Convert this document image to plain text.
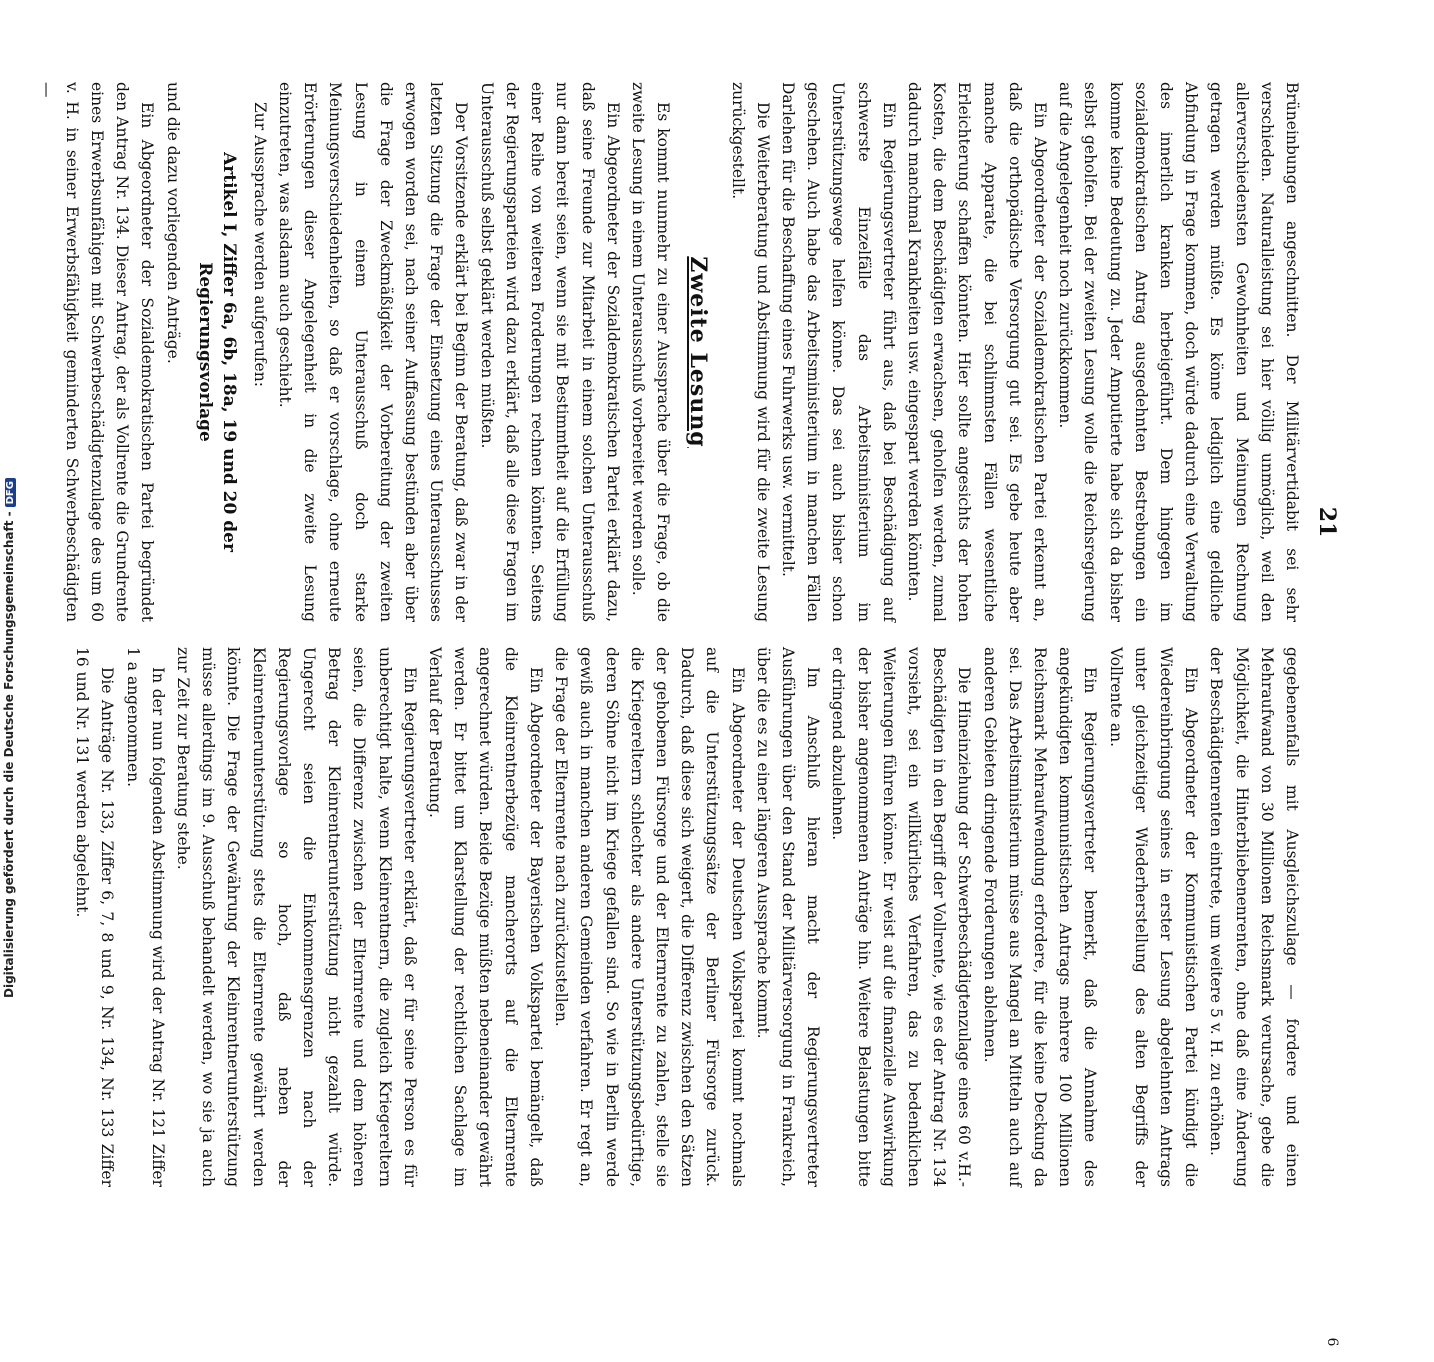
21

Brüneinbungen angeschnitten. Der Militärvertidabit sei sehr verschieden. Naturalleistung sei hier völlig unmöglich, weil den allerverschiedensten Gewohnheiten und Meinungen Rechnung getragen werden müßte. Es könne lediglich eine geldliche Abfindung in Frage kommen, doch würde dadurch eine Verwaltung des innerlich kranken herbeigeführt. Dem hingegen im sozialdemokratischen Antrag ausgedehnten Bestrebungen ein komme keine Bedeutung zu. Jeder Amputierte habe sich da bisher selbst geholfen. Bei der zweiten Lesung wolle die Reichsregierung auf die Angelegenheit noch zurückkommen.

Ein Abgeordneter der Sozialdemokratischen Partei erkennt an, daß die orthopädische Versorgung gut sei. Es gebe heute aber manche Apparate, die bei schlimmsten Fällen wesentliche Erleichterung schaffen könnten. Hier sollte angesichts der hohen Kosten, die dem Beschädigten erwachsen, geholfen werden, zumal dadurch manchmal Krankheiten usw. eingespart werden könnten.

Ein Regierungsvertreter führt aus, daß bei Beschädigung auf schwerste Einzelfälle das Arbeitsministerium im Unterstützungswege helfen könne. Das sei auch bisher schon geschehen. Auch habe das Arbeitsministerium in manchen Fällen Darlehen für die Beschaffung eines Fuhrwerks usw. vermittelt.

Die Weiterberatung und Abstimmung wird für die zweite Lesung zurückgestellt.

Zweite Lesung

Es kommt nunmehr zu einer Aussprache über die Frage, ob die zweite Lesung in einem Unterausschuß vorbereitet werden solle.

Ein Abgeordneter der Sozialdemokratischen Partei erklärt dazu, daß seine Freunde zur Mitarbeit in einem solchen Unterausschuß nur dann bereit seien, wenn sie mit Bestimmtheit auf die Erfüllung einer Reihe von weiteren Forderungen rechnen könnten. Seitens der Regierungsparteien wird dazu erklärt, daß alle diese Fragen im Unterausschuß selbst geklärt werden müßten.

Der Vorsitzende erklärt bei Beginn der Beratung, daß zwar in der letzten Sitzung die Frage der Einsetzung eines Unterausschusses erwogen worden sei, nach seiner Auffassung bestünden aber über die Frage der Zweckmäßigkeit der Vorbereitung der zweiten Lesung in einem Unterausschuß doch starke Meinungsverschiedenheiten, so daß er vorschlage, ohne erneute Erörterungen dieser Angelegenheit in die zweite Lesung einzutreten, was alsdann auch geschieht.

Zur Aussprache werden aufgerufen:

Artikel I, Ziffer 6a, 6b, 18a, 19 und 20 der Regierungsvorlage

und die dazu vorliegenden Anträge.

Ein Abgeordneter der Sozialdemokratischen Partei begründet den Antrag Nr. 134. Dieser Antrag, der als Vollrente die Grundrente eines Erwerbsunfähigen mit Schwerbeschädigtenzulage des um 60 v. H. in seiner Erwerbsfähigkeit geminderten Schwerbeschädigten —

gegebenenfalls mit Ausgleichszulage — fordere und einen Mehraufwand von 30 Millionen Reichsmark verursache, gebe die Möglichkeit, die Hinterbliebenenrenten, ohne daß eine Änderung der Beschädigtenrenten eintrete, um weitere 5 v. H. zu erhöhen.

Ein Abgeordneter der Kommunistischen Partei kündigt die Wiedereinbringung seines in erster Lesung abgelehnten Antrags unter gleichzeitiger Wiederherstellung des alten Begriffs der Vollrente an.

Ein Regierungsvertreter bemerkt, daß die Annahme des angekündigten kommunistischen Antrags mehrere 100 Millionen Reichsmark Mehraufwendung erfordere, für die keine Deckung da sei. Das Arbeitsministerium müsse aus Mangel an Mitteln auch auf anderen Gebieten dringende Forderungen ablehnen.

Die Hineinziehung der Schwerbeschädigtenzulage eines 60 v.H.-Beschädigten in den Begriff der Vollrente, wie es der Antrag Nr. 134 vorsieht, sei ein willkürliches Verfahren, das zu bedenklichen Weiterungen führen könne. Er weist auf die finanzielle Auswirkung der bisher angenommenen Anträge hin. Weitere Belastungen bitte er dringend abzulehnen.

Im Anschluß hieran macht der Regierungsvertreter Ausführungen über den Stand der Militärversorgung in Frankreich, über die es zu einer längeren Aussprache kommt.

Ein Abgeordneter der Deutschen Volkspartei kommt nochmals auf die Unterstützungssätze der Berliner Fürsorge zurück. Dadurch, daß diese sich weigert, die Differenz zwischen den Sätzen der gehobenen Fürsorge und der Elternrente zu zahlen, stelle sie die Kriegereltern schlechter als andere Unterstützungsbedürftige, deren Söhne nicht im Kriege gefallen sind. So wie in Berlin werde gewiß auch in manchen anderen Gemeinden verfahren. Er regt an, die Frage der Elternrente nach zurückzustellen.

Ein Abgeordneter der Bayerischen Volkspartei bemängelt, daß die Kleinrentnerbezüge mancherorts auf die Elternrente angerechnet würden. Beide Bezüge müßten nebeneinander gewährt werden. Er bittet um Klarstellung der rechtlichen Sachlage im Verlauf der Beratung.

Ein Regierungsvertreter erklärt, daß er für seine Person es für unberechtigt halte, wenn Kleinrentnern, die zugleich Kriegereltern seien, die Differenz zwischen der Elternrente und dem höheren Betrag der Kleinrentnerunterstützung nicht gezahlt würde. Ungerecht seien die Einkommensgrenzen nach der Regierungsvorlage so hoch, daß neben der Kleinrentnerunterstützung stets die Elternrente gewährt werden könnte. Die Frage der Gewährung der Kleinrentnerunterstützung müsse allerdings im 9. Ausschuß behandelt werden, wo sie ja auch zur Zeit zur Beratung stehe.

In der nun folgenden Abstimmung wird der Antrag Nr. 121 Ziffer 1 a angenommen.

Die Anträge Nr. 133, Ziffer 6, 7, 8 und 9, Nr. 134, Nr. 133 Ziffer 16 und Nr. 131 werden abgelehnt.

6
Digitalisierung gefördert durch die Deutsche Forschungsgemeinschaft -DFG
